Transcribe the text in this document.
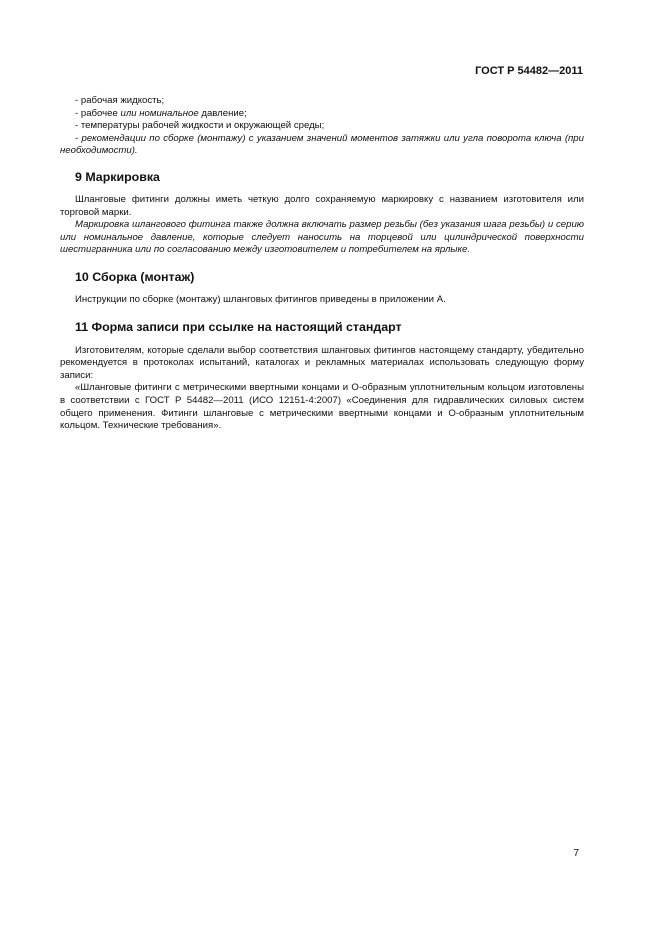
ГОСТ Р 54482—2011

- рабочая жидкость;

- рабочее или номинальное давление;

- температуры рабочей жидкости и окружающей среды;

- рекомендации по сборке (монтажу) с указанием значений моментов затяжки или угла поворота ключа (при необходимости).

9 Маркировка

Шланговые фитинги должны иметь четкую долго сохраняемую маркировку с названием изготовителя или торговой марки.

Маркировка шлангового фитинга также должна включать размер резьбы (без указания шага резьбы) и серию или номинальное давление, которые следует наносить на торцевой или цилиндрической поверхности шестигранника или по согласованию между изготовителем и потребителем на ярлыке.

10 Сборка (монтаж)

Инструкции по сборке (монтажу) шланговых фитингов приведены в приложении А.

11 Форма записи при ссылке на настоящий стандарт

Изготовителям, которые сделали выбор соответствия шланговых фитингов настоящему стандарту, убедительно рекомендуется в протоколах испытаний, каталогах и рекламных материалах использовать следующую форму записи:

«Шланговые фитинги с метрическими ввертными концами и О-образным уплотнительным кольцом изготовлены в соответствии с ГОСТ Р 54482—2011 (ИСО 12151-4:2007) «Соединения для гидравлических силовых систем общего применения. Фитинги шланговые с метрическими ввертными концами и О-образным уплотнительным кольцом. Технические требования».

7
